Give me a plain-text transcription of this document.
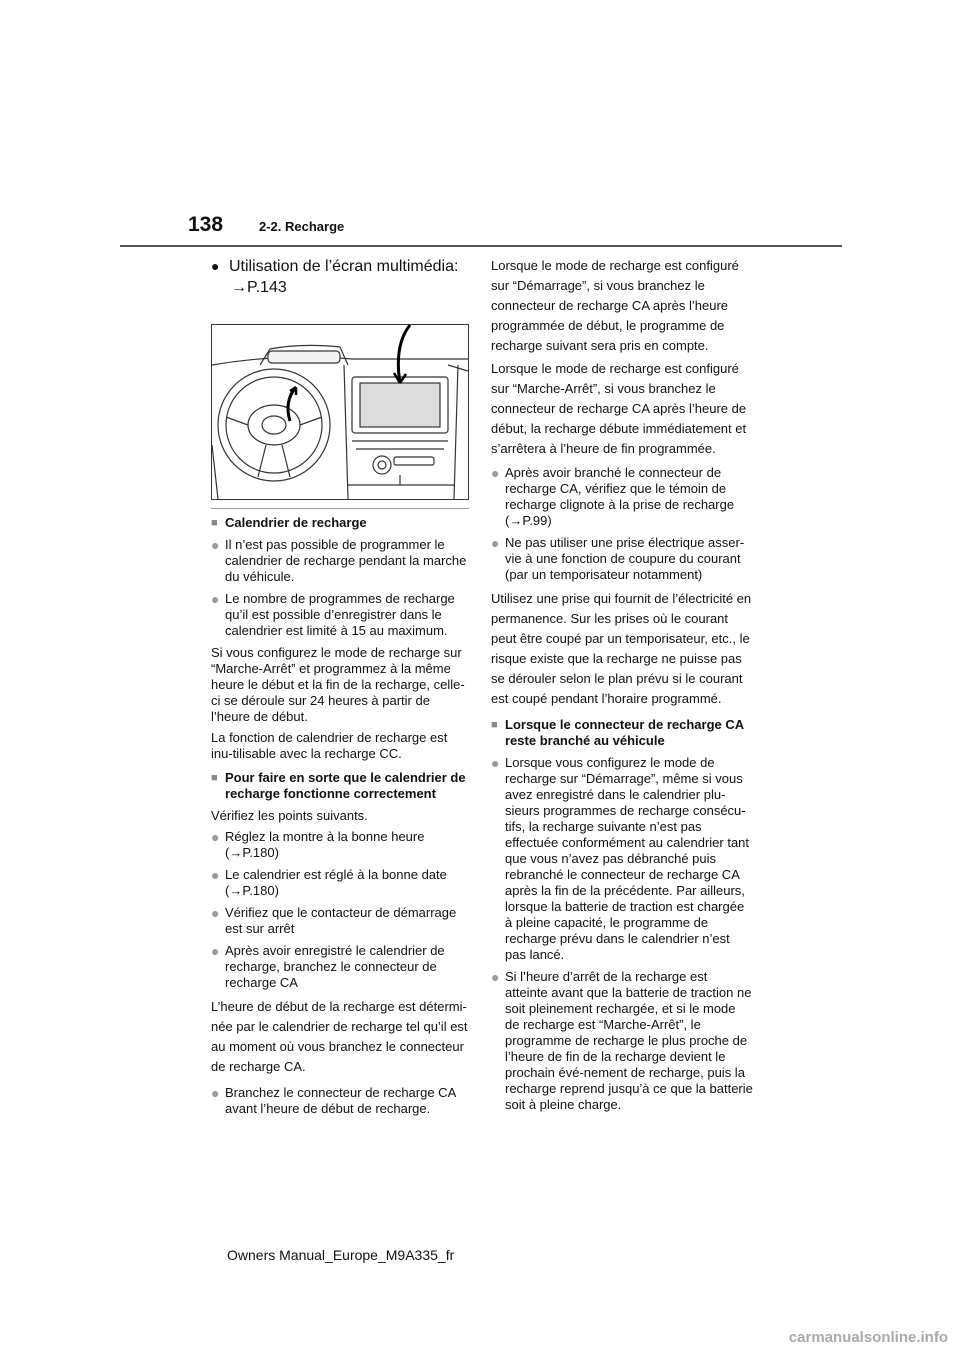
138	2-2. Recharge
● Utilisation de l’écran multimédia:
→P.143
■ Calendrier de recharge
● Il n’est pas possible de programmer le calendrier de recharge pendant la marche du véhicule.
● Le nombre de programmes de recharge qu’il est possible d’enregistrer dans le calendrier est limité à 15 au maximum.

Si vous configurez le mode de recharge sur “Marche-Arrêt” et programmez à la même heure le début et la fin de la recharge, celle-ci se déroule sur 24 heures à partir de l’heure de début.

La fonction de calendrier de recharge est inu-tilisable avec la recharge CC.

■ Pour faire en sorte que le calendrier de recharge fonctionne correctement

Vérifiez les points suivants.

● Réglez la montre à la bonne heure (→P.180)
● Le calendrier est réglé à la bonne date (→P.180)
● Vérifiez que le contacteur de démarrage est sur arrêt
● Après avoir enregistré le calendrier de recharge, branchez le connecteur de recharge CA

L’heure de début de la recharge est détermi-née par le calendrier de recharge tel qu’il est au moment où vous branchez le connecteur de recharge CA.

● Branchez le connecteur de recharge CA avant l’heure de début de recharge.

Lorsque le mode de recharge est configuré sur “Démarrage”, si vous branchez le connecteur de recharge CA après l’heure programmée de début, le programme de recharge suivant sera pris en compte.

Lorsque le mode de recharge est configuré sur “Marche-Arrêt”, si vous branchez le connecteur de recharge CA après l’heure de début, la recharge débute immédiatement et s’arrêtera à l’heure de fin programmée.

● Après avoir branché le connecteur de recharge CA, vérifiez que le témoin de recharge clignote à la prise de recharge (→P.99)
● Ne pas utiliser une prise électrique asser-vie à une fonction de coupure du courant (par un temporisateur notamment)

Utilisez une prise qui fournit de l’électricité en permanence. Sur les prises où le courant peut être coupé par un temporisateur, etc., le risque existe que la recharge ne puisse pas se dérouler selon le plan prévu si le courant est coupé pendant l’horaire programmé.

■ Lorsque le connecteur de recharge CA reste branché au véhicule
● Lorsque vous configurez le mode de recharge sur “Démarrage”, même si vous avez enregistré dans le calendrier plu-sieurs programmes de recharge consécu-tifs, la recharge suivante n’est pas effectuée conformément au calendrier tant que vous n’avez pas débranché puis rebranché le connecteur de recharge CA après la fin de la précédente. Par ailleurs, lorsque la batterie de traction est chargée à pleine capacité, le programme de recharge prévu dans le calendrier n’est pas lancé.
● Si l’heure d’arrêt de la recharge est atteinte avant que la batterie de traction ne soit pleinement rechargée, et si le mode de recharge est “Marche-Arrêt”, le programme de recharge le plus proche de l’heure de fin de la recharge devient le prochain évé-nement de recharge, puis la recharge reprend jusqu’à ce que la batterie soit à pleine charge.
Owners Manual_Europe_M9A335_fr
carmanualsonline.info
